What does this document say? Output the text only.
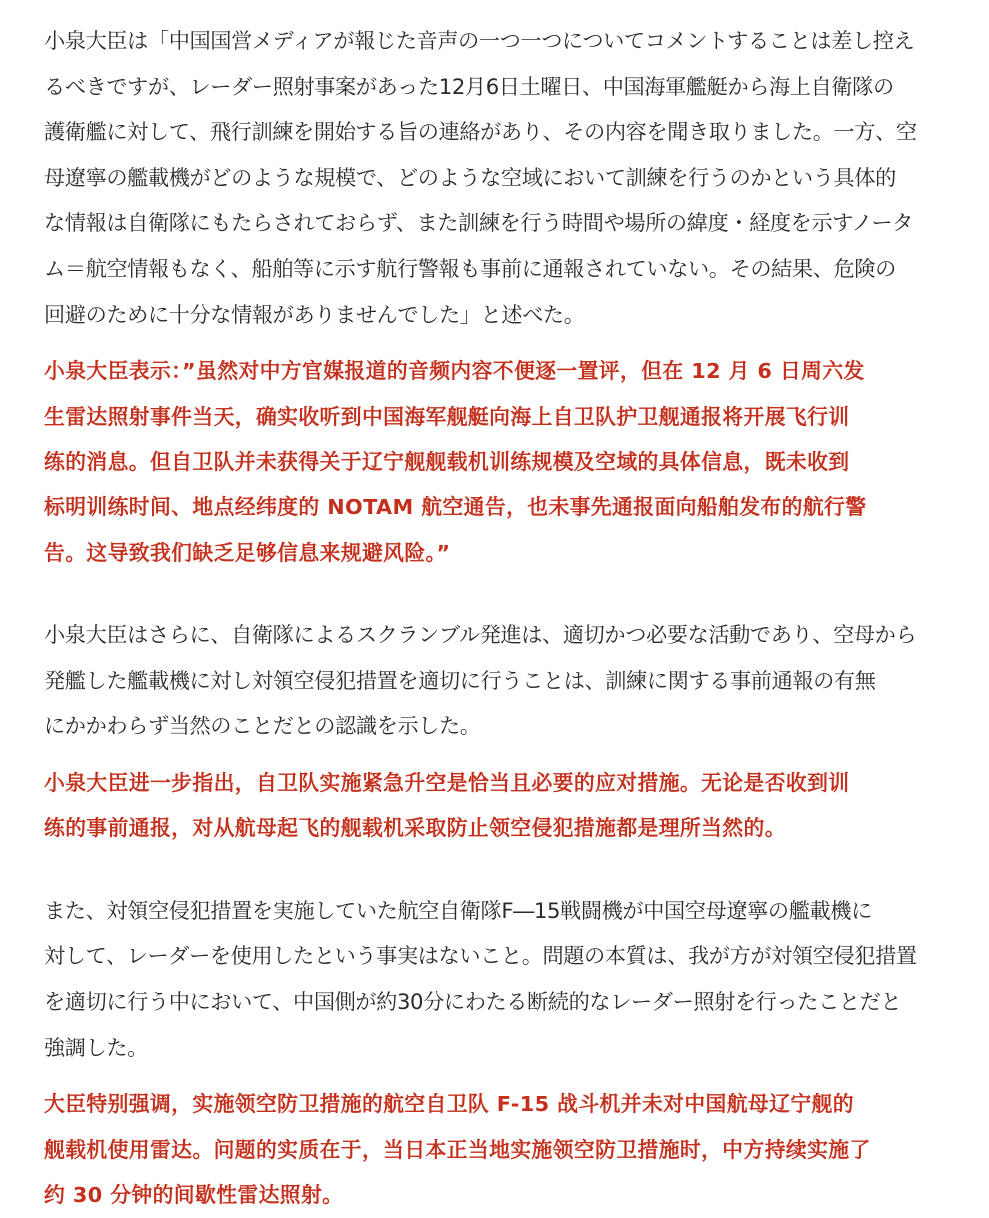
小泉大臣は「中国国営メディアが報じた音声の一つ一つについてコメントすることは差し控え
るべきですが、レーダー照射事案があった12月6日土曜日、中国海軍艦艇から海上自衛隊の
護衛艦に対して、飛行訓練を開始する旨の連絡があり、その内容を聞き取りました。一方、空
母遼寧の艦載機がどのような規模で、どのような空域において訓練を行うのかという具体的
な情報は自衛隊にもたらされておらず、また訓練を行う時間や場所の緯度・経度を示すノータ
ム＝航空情報もなく、船舶等に示す航行警報も事前に通報されていない。その結果、危険の
回避のために十分な情報がありませんでした」と述べた。

小泉大臣表示：”虽然对中方官媒报道的音频内容不便逐一置评，但在 12 月 6 日周六发
生雷达照射事件当天，确实收听到中国海军舰艇向海上自卫队护卫舰通报将开展飞行训
练的消息。但自卫队并未获得关于辽宁舰舰载机训练规模及空域的具体信息，既未收到
标明训练时间、地点经纬度的 NOTAM 航空通告，也未事先通报面向船舶发布的航行警
告。这导致我们缺乏足够信息来规避风险。”

小泉大臣はさらに、自衛隊によるスクランブル発進は、適切かつ必要な活動であり、空母から
発艦した艦載機に対し対領空侵犯措置を適切に行うことは、訓練に関する事前通報の有無
にかかわらず当然のことだとの認識を示した。

小泉大臣进一步指出，自卫队实施紧急升空是恰当且必要的应对措施。无论是否收到训
练的事前通报，对从航母起飞的舰载机采取防止领空侵犯措施都是理所当然的。

また、対領空侵犯措置を実施していた航空自衛隊F―15戦闘機が中国空母遼寧の艦載機に
対して、レーダーを使用したという事実はないこと。問題の本質は、我が方が対領空侵犯措置
を適切に行う中において、中国側が約30分にわたる断続的なレーダー照射を行ったことだと
強調した。

大臣特别强调，实施领空防卫措施的航空自卫队 F-15 战斗机并未对中国航母辽宁舰的
舰载机使用雷达。问题的实质在于，当日本正当地实施领空防卫措施时，中方持续实施了
约 30 分钟的间歇性雷达照射。
